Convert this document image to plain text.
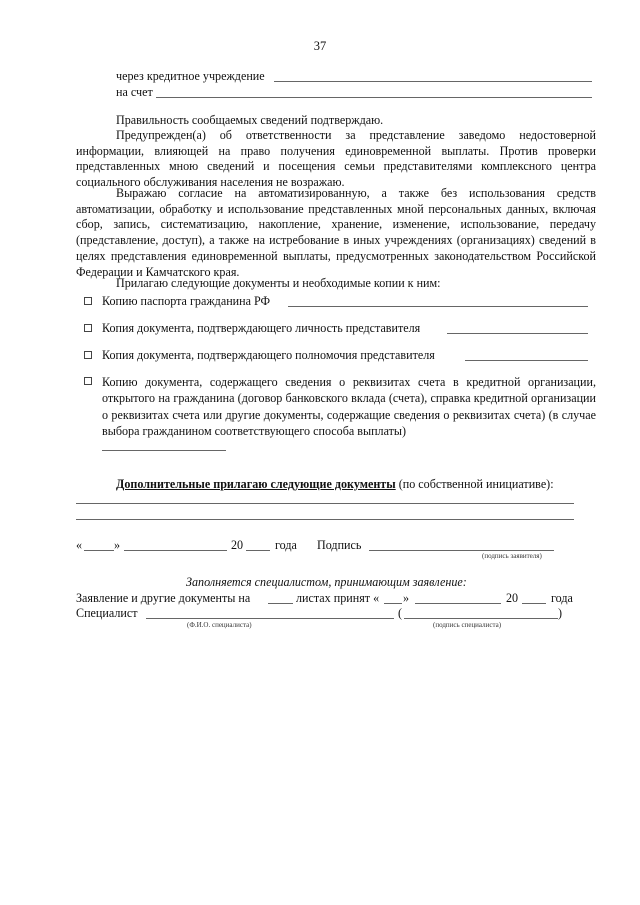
37
через кредитное учреждение
на счет
Правильность сообщаемых сведений подтверждаю.
Предупрежден(а) об ответственности за представление заведомо недостоверной информации, влияющей на право получения единовременной выплаты. Против проверки представленных мною сведений и посещения семьи представителями комплексного центра социального обслуживания населения не возражаю.
Выражаю согласие на автоматизированную, а также без использования средств автоматизации, обработку и использование представленных мной персональных данных, включая сбор, запись, систематизацию, накопление, хранение, изменение, использование, передачу (представление, доступ), а также на истребование в иных учреждениях (организациях) сведений в целях представления единовременной выплаты, предусмотренных законодательством Российской Федерации и Камчатского края.
Прилагаю следующие документы и необходимые копии к ним:
Копию паспорта гражданина РФ
Копия документа, подтверждающего личность представителя
Копия документа, подтверждающего полномочия представителя
Копию документа, содержащего сведения о реквизитах счета в кредитной организации, открытого на гражданина (договор банковского вклада (счета), справка кредитной организации о реквизитах счета или другие документы, содержащие сведения о реквизитах счета) (в случае выбора гражданином соответствующего способа выплаты)
Дополнительные прилагаю следующие документы (по собственной инициативе):
«	»	20	года Подпись
(подпись заявителя)
Заполняется специалистом, принимающим заявление:
Заявление и другие документы на	листах принят « »	20	года
Специалист	(	)
(Ф.И.О. специалиста)	(подпись специалиста)
